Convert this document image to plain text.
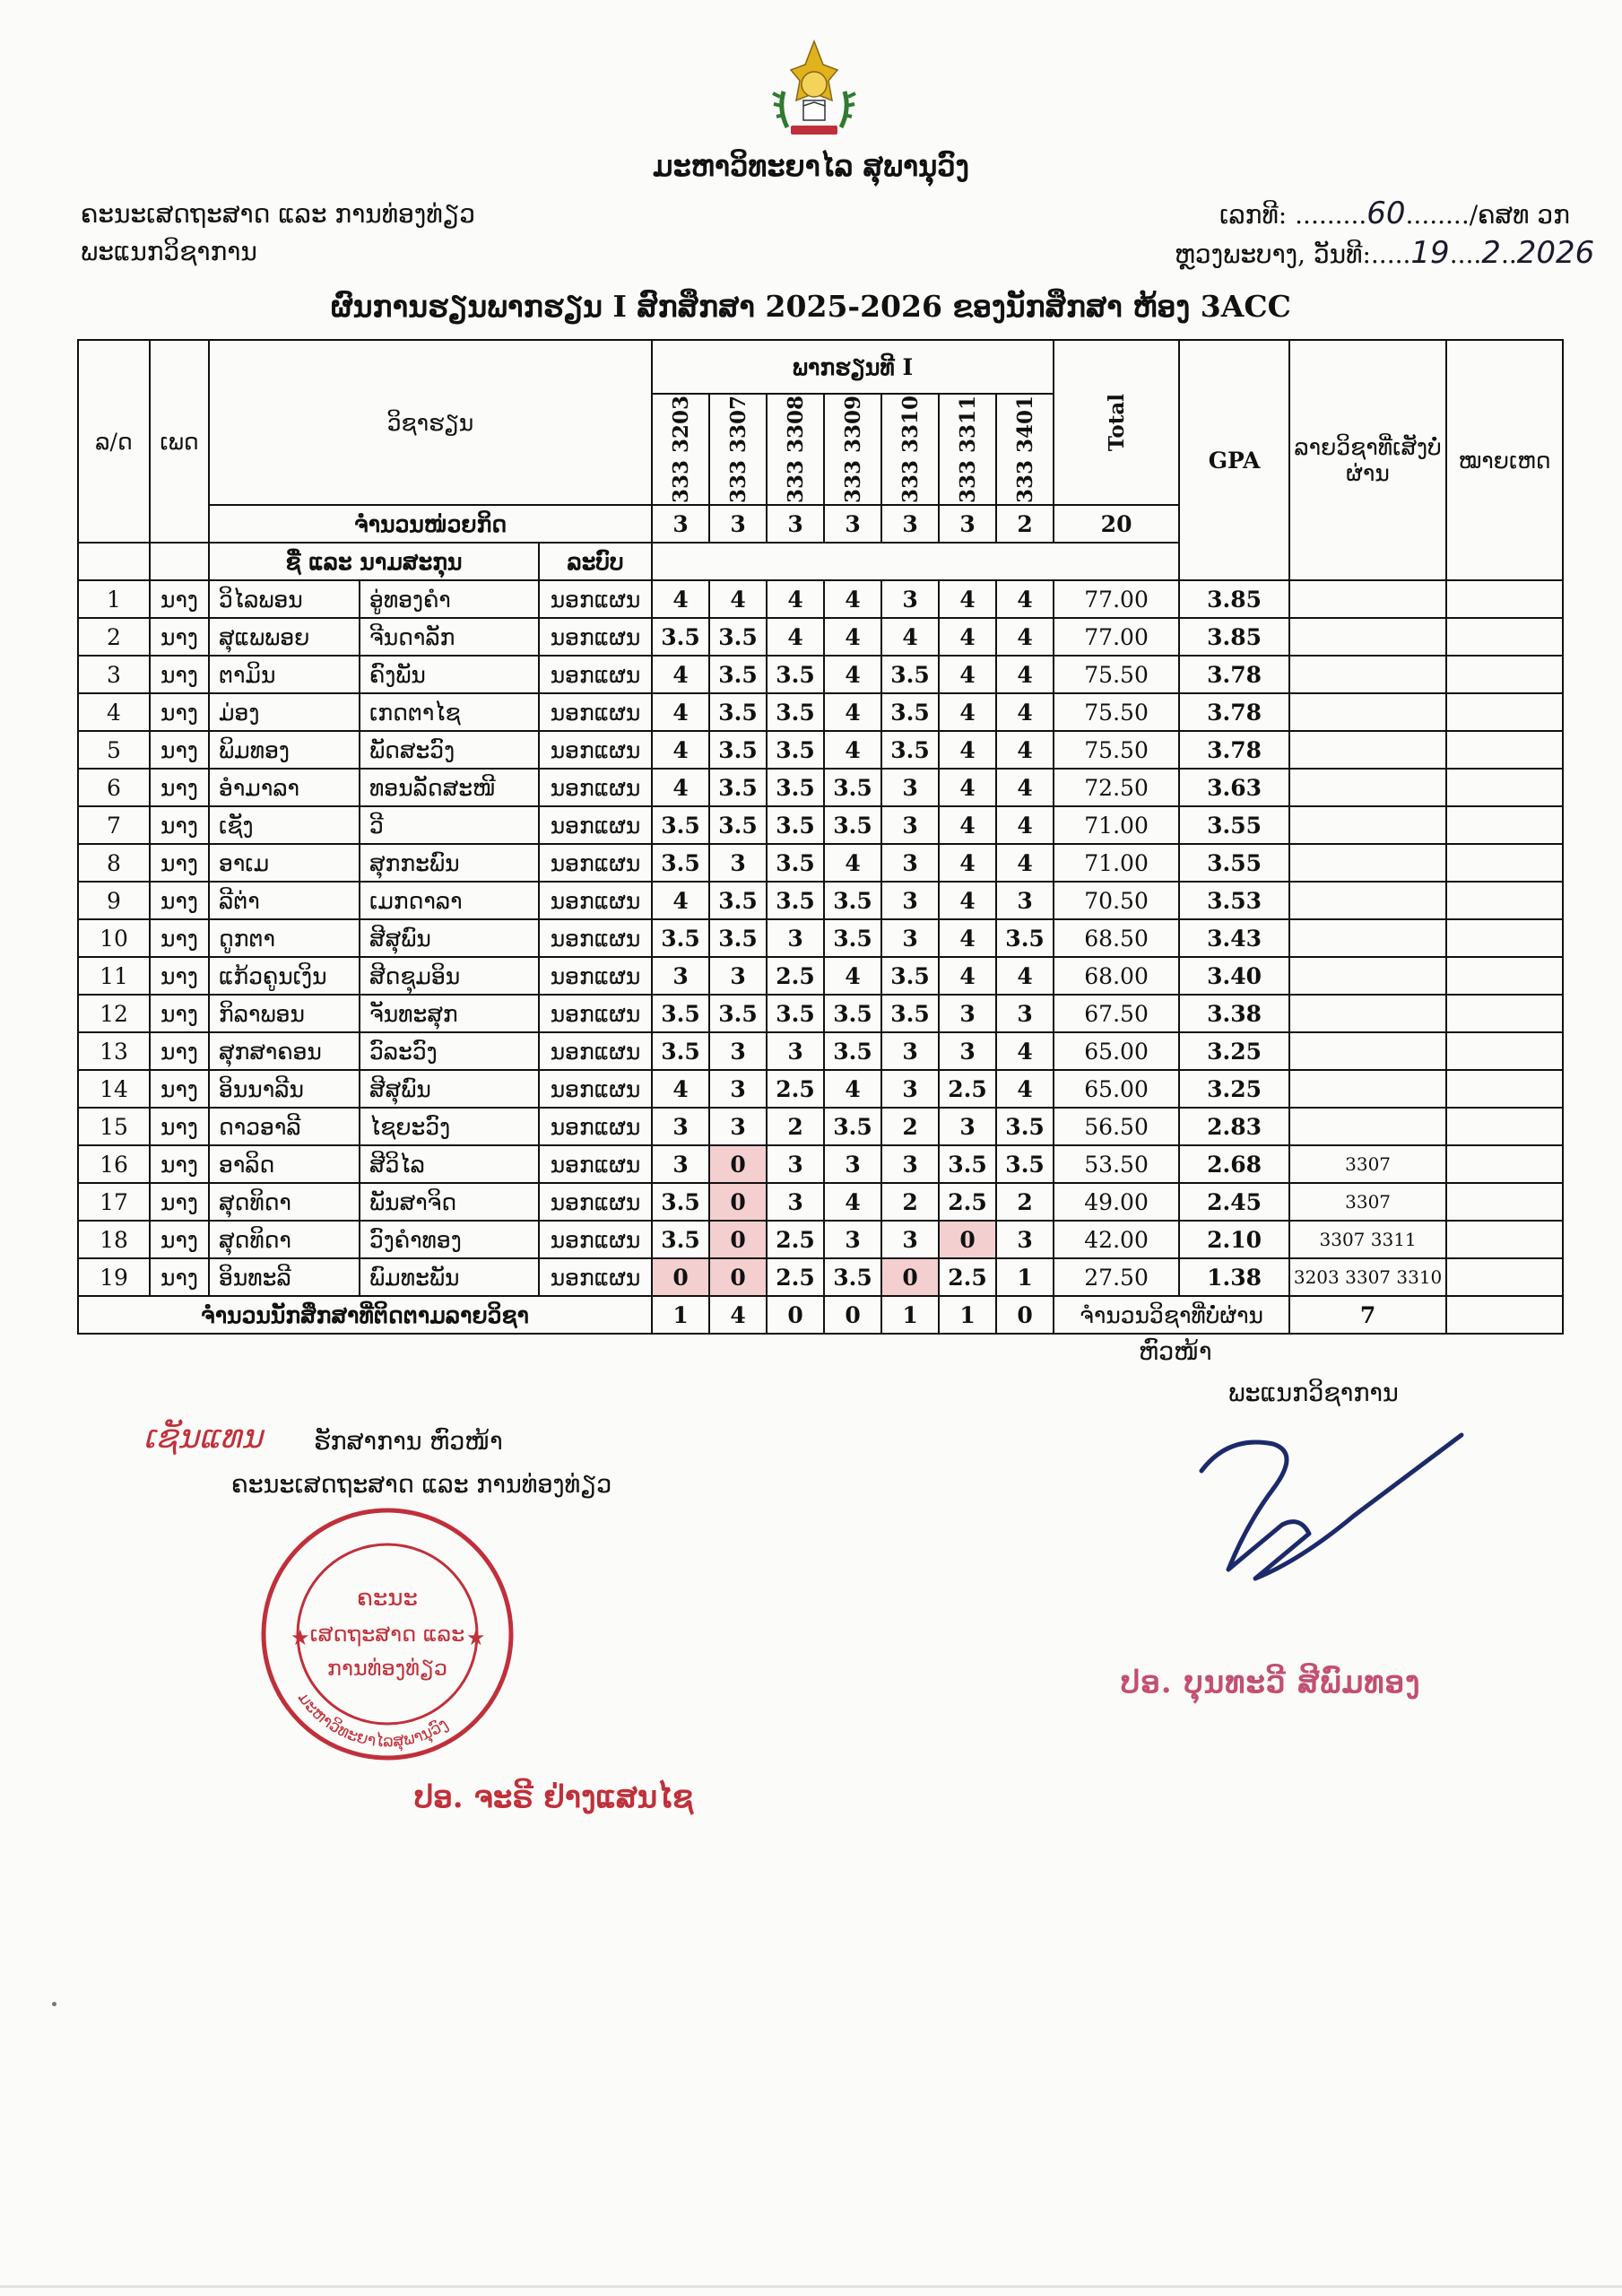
ມະຫາວິທະຍາໄລ ສຸພານຸວົງ
ຄະນະເສດຖະສາດ ແລະ ການທ່ອງທ່ຽວ
ພະແນກວິຊາການ
ເລກທີ: .........60......../ຄສທ ວກ
ຫຼວງພະບາງ, ວັນທີ:.....19....2..2026
ຜົນການຮຽນພາກຮຽນ I ສົກສຶກສາ 2025-2026 ຂອງນັກສຶກສາ ຫ້ອງ 3ACC
ລ/ດ	ເພດ	ວິຊາຮຽນ			ພາກຮຽນທີ I							Total	GPA	ລາຍວິຊາທີ່ເສັງບໍ່ຜ່ານ	ໝາຍເຫດ

					333 3203	333 3307	333 3308	333 3309	333 3310	333 3311	333 3401				

		ຈຳນວນໜ່ວຍກິດ			3	3	3	3	3	3	2	20			
		ຊື່ ແລະ ນາມສະກຸນ		ລະບົບ											
1	ນາງ	ວິໄລພອນ	ອູ່ທອງຄຳ	ນອກແຜນ	4	4	4	4	3	4	4	77.00	3.85		
2	ນາງ	ສຸແພພອຍ	ຈີນດາລັກ	ນອກແຜນ	3.5	3.5	4	4	4	4	4	77.00	3.85		
3	ນາງ	ຕາມິນ	ຄົງພັນ	ນອກແຜນ	4	3.5	3.5	4	3.5	4	4	75.50	3.78		
4	ນາງ	ມ່ອງ	ເກດຕາໄຊ	ນອກແຜນ	4	3.5	3.5	4	3.5	4	4	75.50	3.78		
5	ນາງ	ພິມທອງ	ພັດສະວົງ	ນອກແຜນ	4	3.5	3.5	4	3.5	4	4	75.50	3.78		
6	ນາງ	ອຳມາລາ	ທອນລັດສະໜີ	ນອກແຜນ	4	3.5	3.5	3.5	3	4	4	72.50	3.63		
7	ນາງ	ເຊັງ	ວີ	ນອກແຜນ	3.5	3.5	3.5	3.5	3	4	4	71.00	3.55		
8	ນາງ	ອາເມ	ສຸກກະພົນ	ນອກແຜນ	3.5	3	3.5	4	3	4	4	71.00	3.55		
9	ນາງ	ລີຕ່າ	ເມກດາລາ	ນອກແຜນ	4	3.5	3.5	3.5	3	4	3	70.50	3.53		
10	ນາງ	ດູກຕາ	ສີສຸພົນ	ນອກແຜນ	3.5	3.5	3	3.5	3	4	3.5	68.50	3.43		
11	ນາງ	ແກ້ວຄູນເງິນ	ສີດຊຸມອິນ	ນອກແຜນ	3	3	2.5	4	3.5	4	4	68.00	3.40		
12	ນາງ	ກິລາພອນ	ຈັນທະສຸກ	ນອກແຜນ	3.5	3.5	3.5	3.5	3.5	3	3	67.50	3.38		
13	ນາງ	ສຸກສາຄອນ	ວົລະວົງ	ນອກແຜນ	3.5	3	3	3.5	3	3	4	65.00	3.25		
14	ນາງ	ອິນນາລີນ	ສີສຸພົນ	ນອກແຜນ	4	3	2.5	4	3	2.5	4	65.00	3.25		
15	ນາງ	ດາວອາລີ	ໄຊຍະວົງ	ນອກແຜນ	3	3	2	3.5	2	3	3.5	56.50	2.83		
16	ນາງ	ອາລິດ	ສີວິໄລ	ນອກແຜນ	3	0	3	3	3	3.5	3.5	53.50	2.68	3307	
17	ນາງ	ສຸດທິດາ	ພັນສາຈິດ	ນອກແຜນ	3.5	0	3	4	2	2.5	2	49.00	2.45	3307	
18	ນາງ	ສຸດທິດາ	ວົງຄຳທອງ	ນອກແຜນ	3.5	0	2.5	3	3	0	3	42.00	2.10	3307 3311	
19	ນາງ	ອິນທະລີ	ພົມທະພັນ	ນອກແຜນ	0	0	2.5	3.5	0	2.5	1	27.50	1.38	3203 3307 3310	
ຈຳນວນນັກສຶກສາທີ່ຕິດຕາມລາຍວິຊາ					1	4	0	0	1	1	0	ຈຳນວນວິຊາທີ່ບໍ່ຜ່ານ		7	
ຫົວໜ້າ
ພະແນກວິຊາການ
ປອ. ບຸນທະວີ ສີພົມທອງ
ເຊັນແທນ ຮັກສາການ ຫົວໜ້າ
ຄະນະເສດຖະສາດ ແລະ ການທ່ອງທ່ຽວ
ຄະນະ
ເສດຖະສາດ ແລະ
ການທ່ອງທ່ຽວ
ມະຫາວິທະຍາໄລສຸພານຸວົງ
★	★
ປອ. ຈະຣີ ຢ່າງແສນໄຊ
